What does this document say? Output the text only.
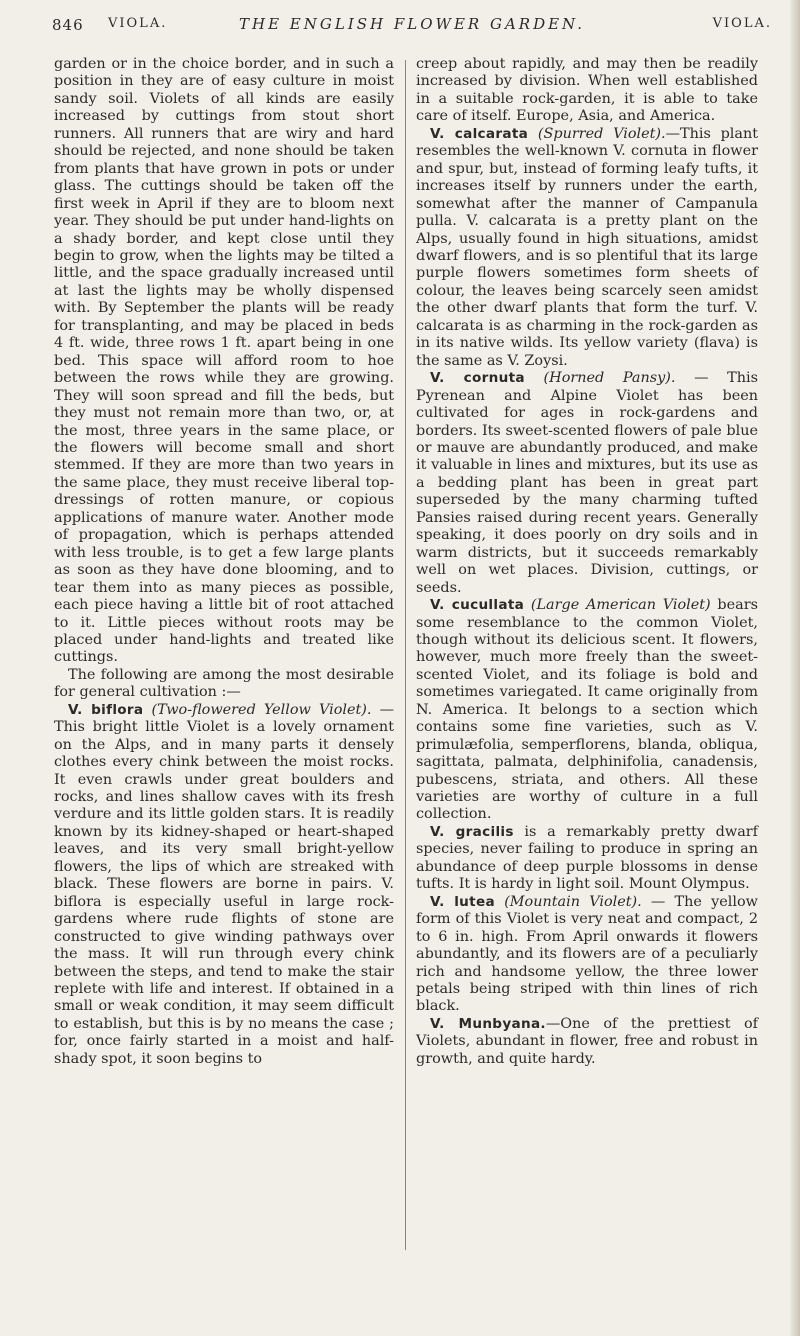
846 VIOLA.	THE ENGLISH FLOWER GARDEN.	VIOLA.

garden or in the choice border, and in such a position in they are of easy culture in moist sandy soil. Violets of all kinds are easily increased by cuttings from stout short runners. All runners that are wiry and hard should be rejected, and none should be taken from plants that have grown in pots or under glass. The cuttings should be taken off the first week in April if they are to bloom next year. They should be put under hand-lights on a shady border, and kept close until they begin to grow, when the lights may be tilted a little, and the space gradually increased until at last the lights may be wholly dispensed with. By September the plants will be ready for transplanting, and may be placed in beds 4 ft. wide, three rows 1 ft. apart being in one bed. This space will afford room to hoe between the rows while they are growing. They will soon spread and fill the beds, but they must not remain more than two, or, at the most, three years in the same place, or the flowers will become small and short stemmed. If they are more than two years in the same place, they must receive liberal top-dressings of rotten manure, or copious applications of manure water. Another mode of propagation, which is perhaps attended with less trouble, is to get a few large plants as soon as they have done blooming, and to tear them into as many pieces as possible, each piece having a little bit of root attached to it. Little pieces without roots may be placed under hand-lights and treated like cuttings.

The following are among the most desirable for general cultivation :—

V. biflora (Two-flowered Yellow Violet). — This bright little Violet is a lovely ornament on the Alps, and in many parts it densely clothes every chink between the moist rocks. It even crawls under great boulders and rocks, and lines shallow caves with its fresh verdure and its little golden stars. It is readily known by its kidney-shaped or heart-shaped leaves, and its very small bright-yellow flowers, the lips of which are streaked with black. These flowers are borne in pairs. V. biflora is especially useful in large rock-gardens where rude flights of stone are constructed to give winding pathways over the mass. It will run through every chink between the steps, and tend to make the stair replete with life and interest. If obtained in a small or weak condition, it may seem difficult to establish, but this is by no means the case ; for, once fairly started in a moist and half-shady spot, it soon begins to

creep about rapidly, and may then be readily increased by division. When well established in a suitable rock-garden, it is able to take care of itself. Europe, Asia, and America.

V. calcarata (Spurred Violet).—This plant resembles the well-known V. cornuta in flower and spur, but, instead of forming leafy tufts, it increases itself by runners under the earth, somewhat after the manner of Campanula pulla. V. calcarata is a pretty plant on the Alps, usually found in high situations, amidst dwarf flowers, and is so plentiful that its large purple flowers sometimes form sheets of colour, the leaves being scarcely seen amidst the other dwarf plants that form the turf. V. calcarata is as charming in the rock-garden as in its native wilds. Its yellow variety (flava) is the same as V. Zoysi.

V. cornuta (Horned Pansy). — This Pyrenean and Alpine Violet has been cultivated for ages in rock-gardens and borders. Its sweet-scented flowers of pale blue or mauve are abundantly produced, and make it valuable in lines and mixtures, but its use as a bedding plant has been in great part superseded by the many charming tufted Pansies raised during recent years. Generally speaking, it does poorly on dry soils and in warm districts, but it succeeds remarkably well on wet places. Division, cuttings, or seeds.

V. cucullata (Large American Violet) bears some resemblance to the common Violet, though without its delicious scent. It flowers, however, much more freely than the sweet-scented Violet, and its foliage is bold and sometimes variegated. It came originally from N. America. It belongs to a section which contains some fine varieties, such as V. primulæfolia, semperflorens, blanda, obliqua, sagittata, palmata, delphinifolia, canadensis, pubescens, striata, and others. All these varieties are worthy of culture in a full collection.

V. gracilis is a remarkably pretty dwarf species, never failing to produce in spring an abundance of deep purple blossoms in dense tufts. It is hardy in light soil. Mount Olympus.

V. lutea (Mountain Violet). — The yellow form of this Violet is very neat and compact, 2 to 6 in. high. From April onwards it flowers abundantly, and its flowers are of a peculiarly rich and handsome yellow, the three lower petals being striped with thin lines of rich black.

V. Munbyana.—One of the prettiest of Violets, abundant in flower, free and robust in growth, and quite hardy.
